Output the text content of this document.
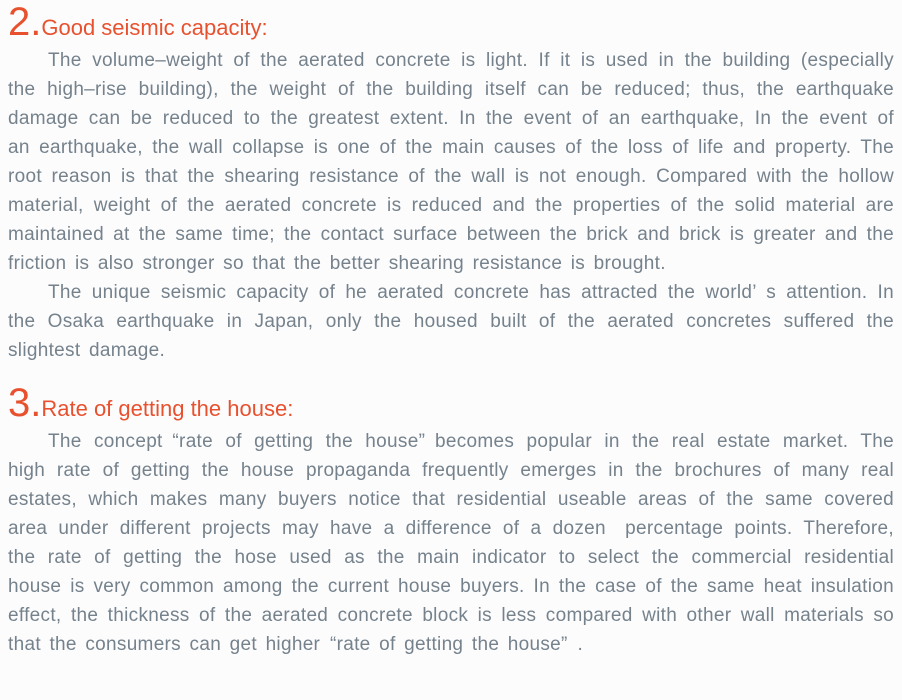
2. Good seismic capacity:

The volume–weight of the aerated concrete is light. If it is used in the building (especially the high–rise building), the weight of the building itself can be reduced; thus, the earthquake damage can be reduced to the greatest extent. In the event of an earthquake, In the event of an earthquake, the wall collapse is one of the main causes of the loss of life and property. The root reason is that the shearing resistance of the wall is not enough. Compared with the hollow material, weight of the aerated concrete is reduced and the properties of the solid material are maintained at the same time; the contact surface between the brick and brick is greater and the friction is also stronger so that the better shearing resistance is brought.

The unique seismic capacity of he aerated concrete has attracted the world’ s attention. In the Osaka earthquake in Japan, only the housed built of the aerated concretes suffered the slightest damage.

3. Rate of getting the house:

The concept “rate of getting the house” becomes popular in the real estate market. The high rate of getting the house propaganda frequently emerges in the brochures of many real estates, which makes many buyers notice that residential useable areas of the same covered area under different projects may have a difference of a dozen percentage points. Therefore, the rate of getting the hose used as the main indicator to select the commercial residential house is very common among the current house buyers. In the case of the same heat insulation effect, the thickness of the aerated concrete block is less compared with other wall materials so that the consumers can get higher “rate of getting the house” .
